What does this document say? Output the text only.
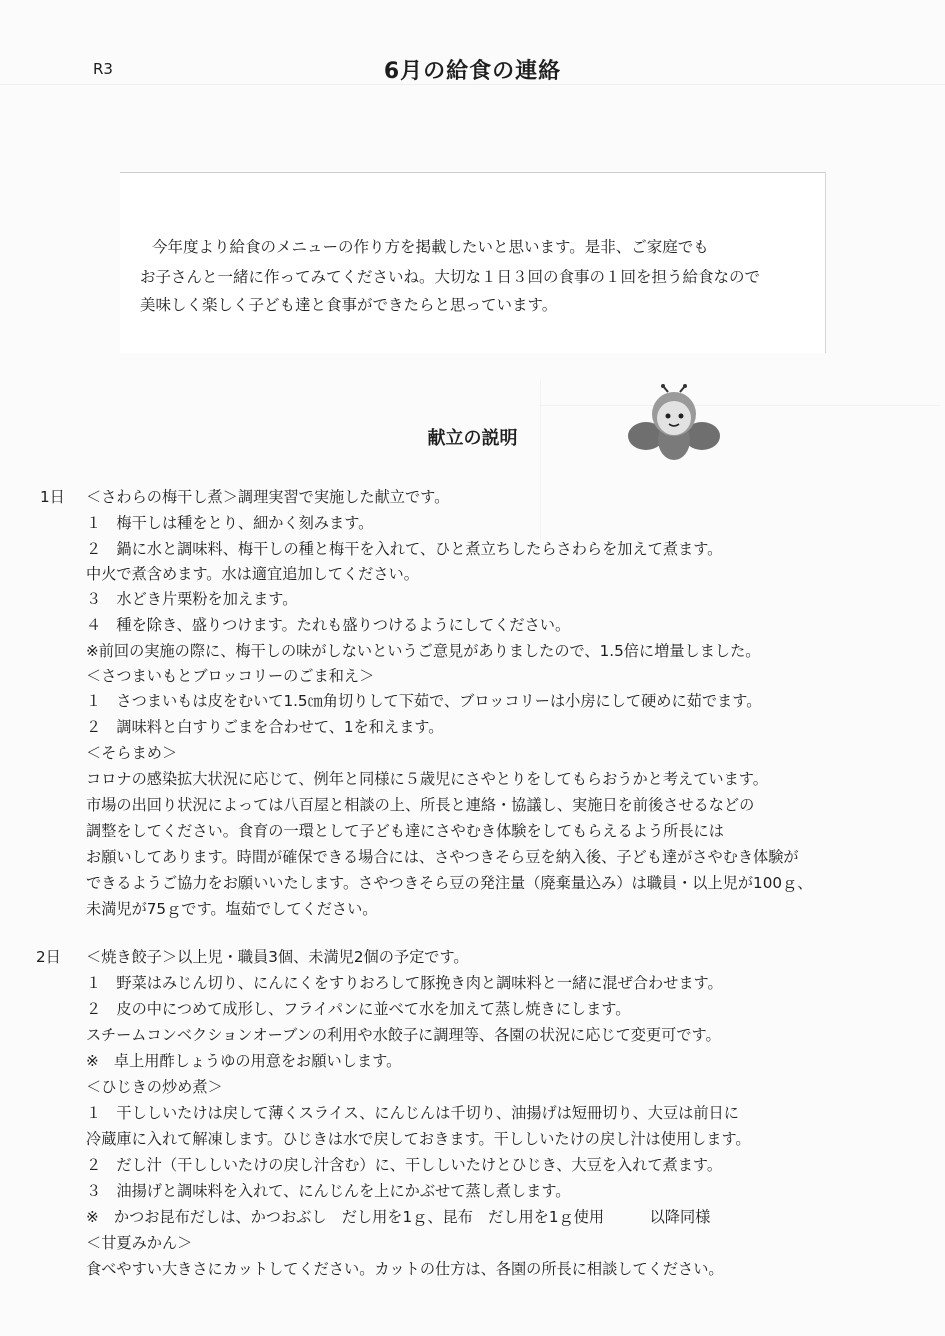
R3	6月の給食の連絡
今年度より給食のメニューの作り方を掲載したいと思います。是非、ご家庭でも
お子さんと一緒に作ってみてくださいね。大切な１日３回の食事の１回を担う給食なので
美味しく楽しく子ども達と食事ができたらと思っています。
献立の説明
1日 ＜さわらの梅干し煮＞調理実習で実施した献立です。
１　梅干しは種をとり、細かく刻みます。
２　鍋に水と調味料、梅干しの種と梅干を入れて、ひと煮立ちしたらさわらを加えて煮ます。
中火で煮含めます。水は適宜追加してください。
３　水どき片栗粉を加えます。
４　種を除き、盛りつけます。たれも盛りつけるようにしてください。
※前回の実施の際に、梅干しの味がしないというご意見がありましたので、1.5倍に増量しました。
＜さつまいもとブロッコリーのごま和え＞
１　さつまいもは皮をむいて1.5㎝角切りして下茹で、ブロッコリーは小房にして硬めに茹でます。
２　調味料と白すりごまを合わせて、1を和えます。
＜そらまめ＞
コロナの感染拡大状況に応じて、例年と同様に５歳児にさやとりをしてもらおうかと考えています。
市場の出回り状況によっては八百屋と相談の上、所長と連絡・協議し、実施日を前後させるなどの
調整をしてください。食育の一環として子ども達にさやむき体験をしてもらえるよう所長には
お願いしてあります。時間が確保できる場合には、さやつきそら豆を納入後、子ども達がさやむき体験が
できるようご協力をお願いいたします。さやつきそら豆の発注量（廃棄量込み）は職員・以上児が100ｇ、
未満児が75ｇです。塩茹でしてください。
2日 ＜焼き餃子＞以上児・職員3個、未満児2個の予定です。
１　野菜はみじん切り、にんにくをすりおろして豚挽き肉と調味料と一緒に混ぜ合わせます。
２　皮の中につめて成形し、フライパンに並べて水を加えて蒸し焼きにします。
スチームコンベクションオーブンの利用や水餃子に調理等、各園の状況に応じて変更可です。
※　卓上用酢しょうゆの用意をお願いします。
＜ひじきの炒め煮＞
１　干ししいたけは戻して薄くスライス、にんじんは千切り、油揚げは短冊切り、大豆は前日に
冷蔵庫に入れて解凍します。ひじきは水で戻しておきます。干ししいたけの戻し汁は使用します。
２　だし汁（干ししいたけの戻し汁含む）に、干ししいたけとひじき、大豆を入れて煮ます。
３　油揚げと調味料を入れて、にんじんを上にかぶせて蒸し煮します。
※　かつお昆布だしは、かつおぶし　だし用を1ｇ、昆布　だし用を1ｇ使用　　　以降同様
＜甘夏みかん＞
食べやすい大きさにカットしてください。カットの仕方は、各園の所長に相談してください。
